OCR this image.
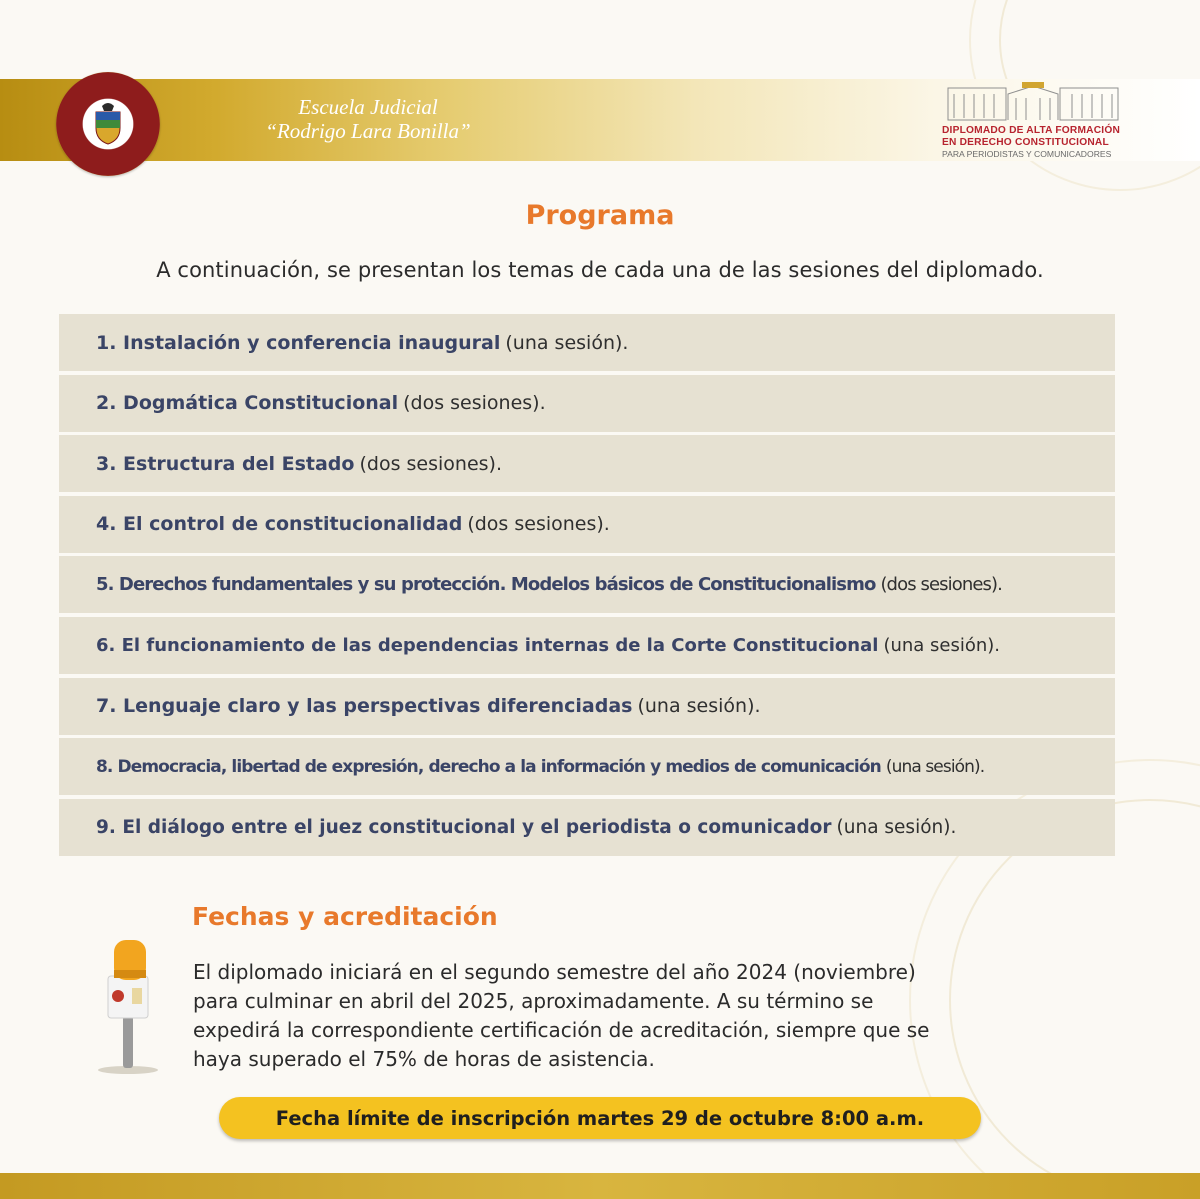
Escuela Judicial
“Rodrigo Lara Bonilla”	DIPLOMADO DE ALTA FORMACIÓN
EN DERECHO CONSTITUCIONAL
PARA PERIODISTAS Y COMUNICADORES
Programa
A continuación, se presentan los temas de cada una de las sesiones del diplomado.
1. Instalación y conferencia inaugural (una sesión).
2. Dogmática Constitucional (dos sesiones).
3. Estructura del Estado (dos sesiones).
4. El control de constitucionalidad (dos sesiones).
5. Derechos fundamentales y su protección. Modelos básicos de Constitucionalismo (dos sesiones).
6. El funcionamiento de las dependencias internas de la Corte Constitucional (una sesión).
7. Lenguaje claro y las perspectivas diferenciadas (una sesión).
8. Democracia, libertad de expresión, derecho a la información y medios de comunicación (una sesión).
9. El diálogo entre el juez constitucional y el periodista o comunicador (una sesión).
Fechas y acreditación
El diplomado iniciará en el segundo semestre del año 2024 (noviembre)
para culminar en abril del 2025, aproximadamente. A su término se
expedirá la correspondiente certificación de acreditación, siempre que se
haya superado el 75% de horas de asistencia.
Fecha límite de inscripción martes 29 de octubre 8:00 a.m.
